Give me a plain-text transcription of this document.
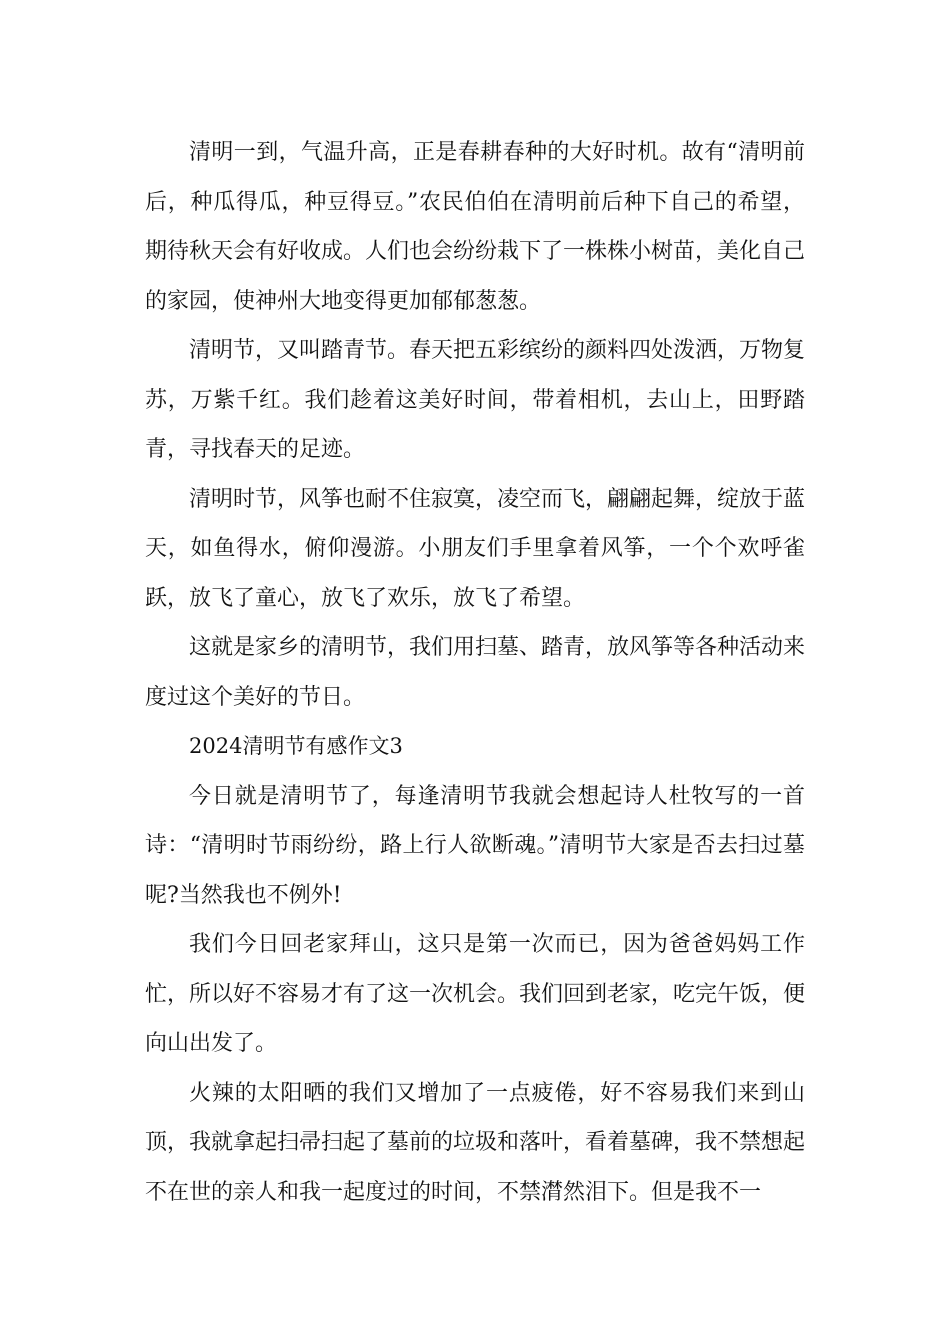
清明一到，气温升高，正是春耕春种的大好时机。故有“清明前后，种瓜得瓜，种豆得豆。”农民伯伯在清明前后种下自己的希望，期待秋天会有好收成。人们也会纷纷栽下了一株株小树苗，美化自己的家园，使神州大地变得更加郁郁葱葱。

清明节，又叫踏青节。春天把五彩缤纷的颜料四处泼洒，万物复苏，万紫千红。我们趁着这美好时间，带着相机，去山上，田野踏青，寻找春天的足迹。

清明时节，风筝也耐不住寂寞，凌空而飞，翩翩起舞，绽放于蓝天，如鱼得水，俯仰漫游。小朋友们手里拿着风筝，一个个欢呼雀跃，放飞了童心，放飞了欢乐，放飞了希望。

这就是家乡的清明节，我们用扫墓、踏青，放风筝等各种活动来度过这个美好的节日。

2024清明节有感作文3

今日就是清明节了，每逢清明节我就会想起诗人杜牧写的一首诗：“清明时节雨纷纷，路上行人欲断魂。”清明节大家是否去扫过墓呢?当然我也不例外!

我们今日回老家拜山，这只是第一次而已，因为爸爸妈妈工作忙，所以好不容易才有了这一次机会。我们回到老家，吃完午饭，便向山出发了。

火辣的太阳晒的我们又增加了一点疲倦，好不容易我们来到山顶，我就拿起扫帚扫起了墓前的垃圾和落叶，看着墓碑，我不禁想起不在世的亲人和我一起度过的时间，不禁潸然泪下。但是我不一
